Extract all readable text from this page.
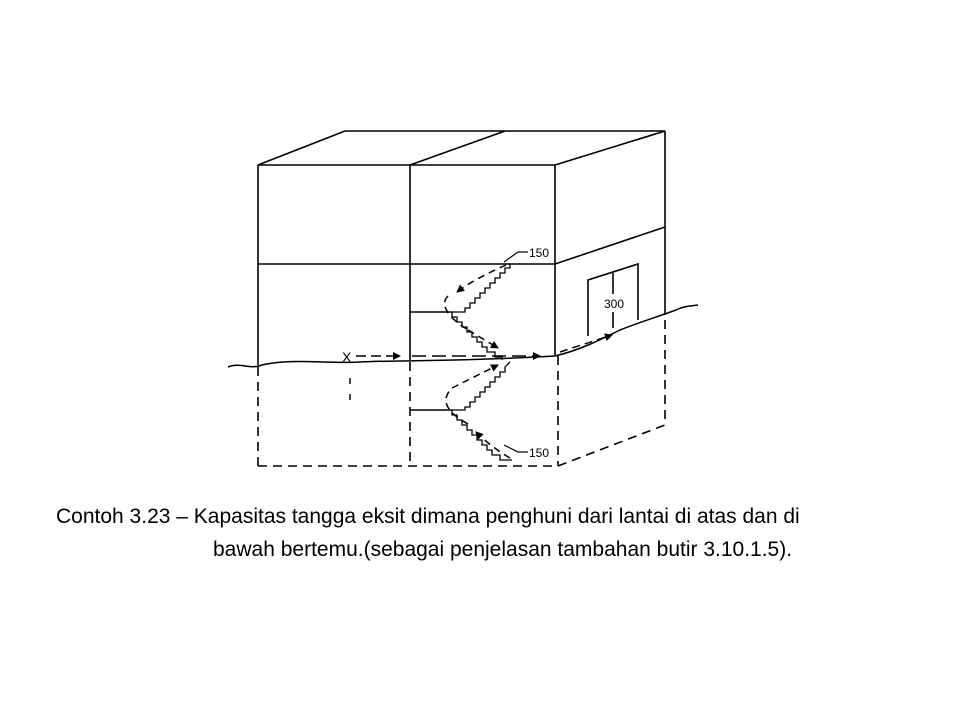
X
150
150
300
Contoh 3.23 – Kapasitas tangga eksit dimana penghuni dari lantai di atas dan di
bawah bertemu.(sebagai penjelasan tambahan butir 3.10.1.5).
